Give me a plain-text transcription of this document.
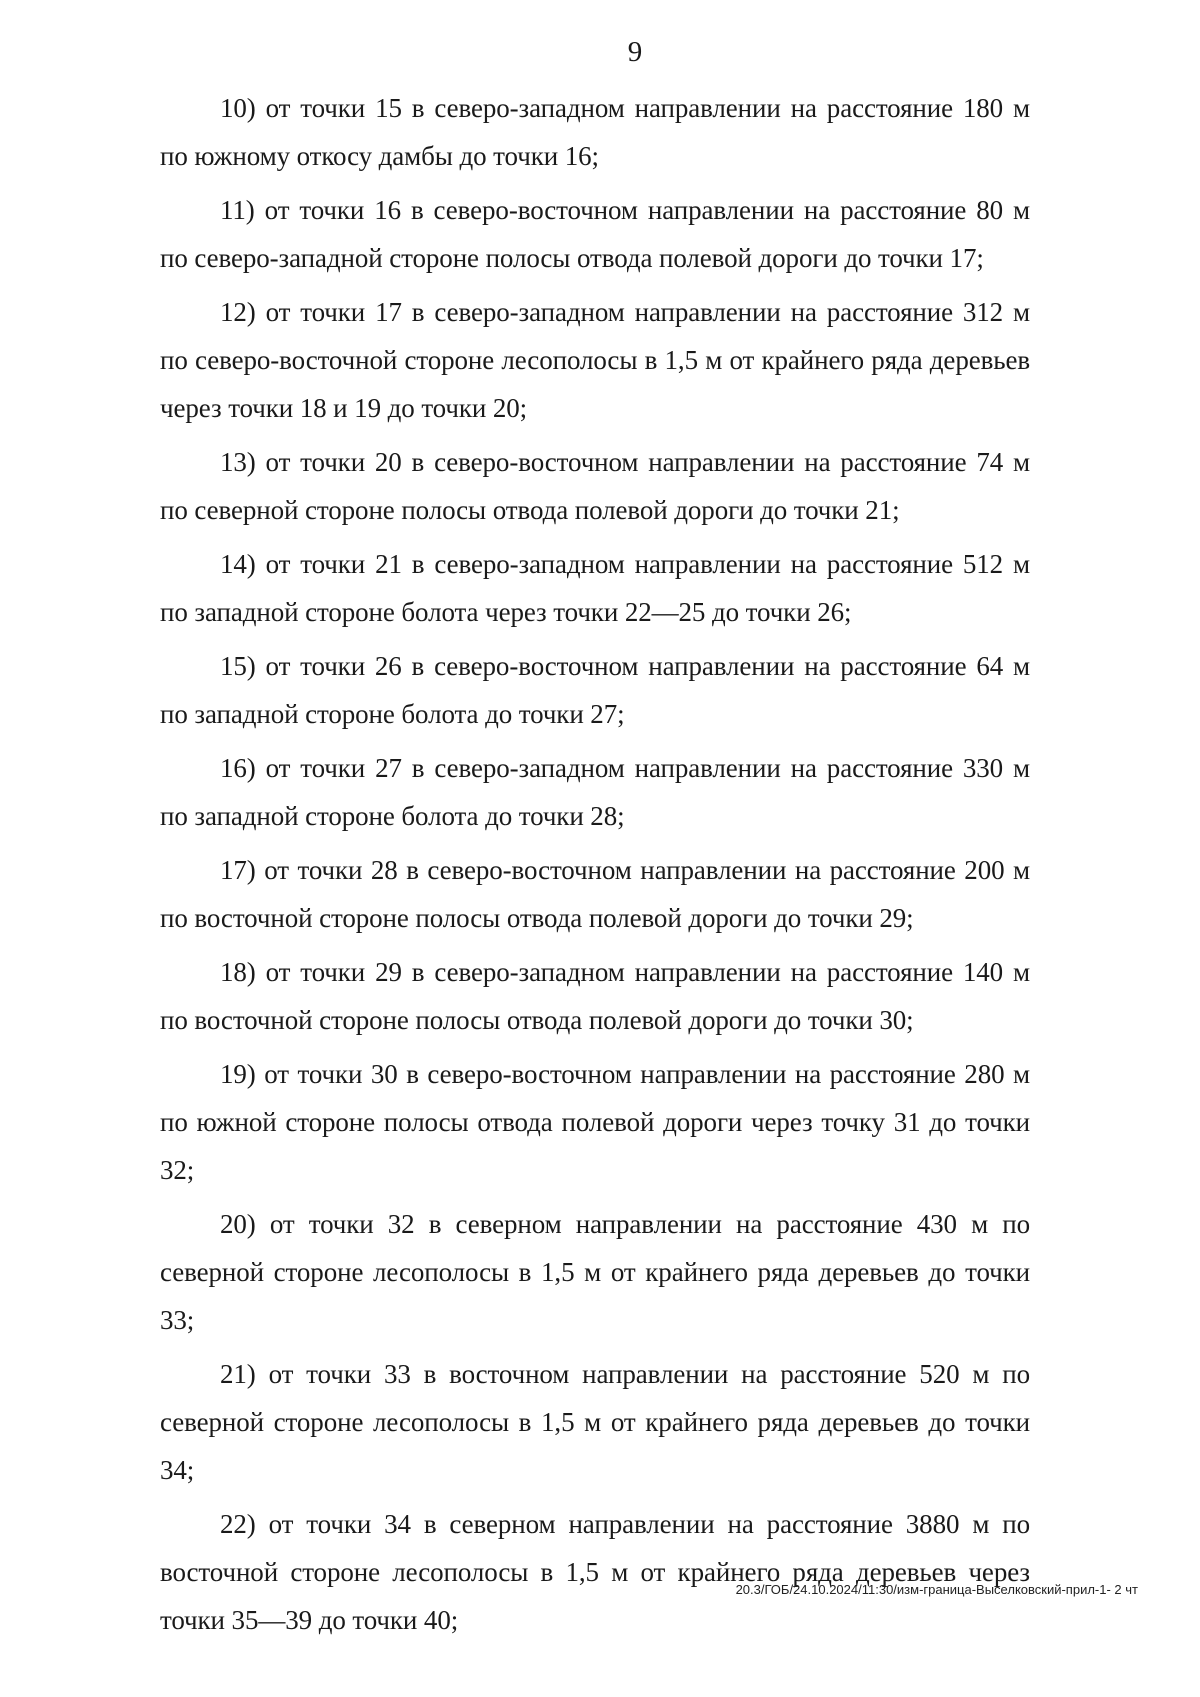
9

10) от точки 15 в северо-западном направлении на расстояние 180 м по южному откосу дамбы до точки 16;

11) от точки 16 в северо-восточном направлении на расстояние 80 м по северо-западной стороне полосы отвода полевой дороги до точки 17;

12) от точки 17 в северо-западном направлении на расстояние 312 м по северо-восточной стороне лесополосы в 1,5 м от крайнего ряда деревьев через точки 18 и 19 до точки 20;

13) от точки 20 в северо-восточном направлении на расстояние 74 м по северной стороне полосы отвода полевой дороги до точки 21;

14) от точки 21 в северо-западном направлении на расстояние 512 м по западной стороне болота через точки 22—25 до точки 26;

15) от точки 26 в северо-восточном направлении на расстояние 64 м по западной стороне болота до точки 27;

16) от точки 27 в северо-западном направлении на расстояние 330 м по западной стороне болота до точки 28;

17) от точки 28 в северо-восточном направлении на расстояние 200 м по восточной стороне полосы отвода полевой дороги до точки 29;

18) от точки 29 в северо-западном направлении на расстояние 140 м по восточной стороне полосы отвода полевой дороги до точки 30;

19) от точки 30 в северо-восточном направлении на расстояние 280 м по южной стороне полосы отвода полевой дороги через точку 31 до точки 32;

20) от точки 32 в северном направлении на расстояние 430 м по северной стороне лесополосы в 1,5 м от крайнего ряда деревьев до точки 33;

21) от точки 33 в восточном направлении на расстояние 520 м по северной стороне лесополосы в 1,5 м от крайнего ряда деревьев до точки 34;

22) от точки 34 в северном направлении на расстояние 3880 м по восточной стороне лесополосы в 1,5 м от крайнего ряда деревьев через точки 35—39 до точки 40;

20.3/ГОБ/24.10.2024/11:30/изм-граница-Выселковский-прил-1- 2 чт
